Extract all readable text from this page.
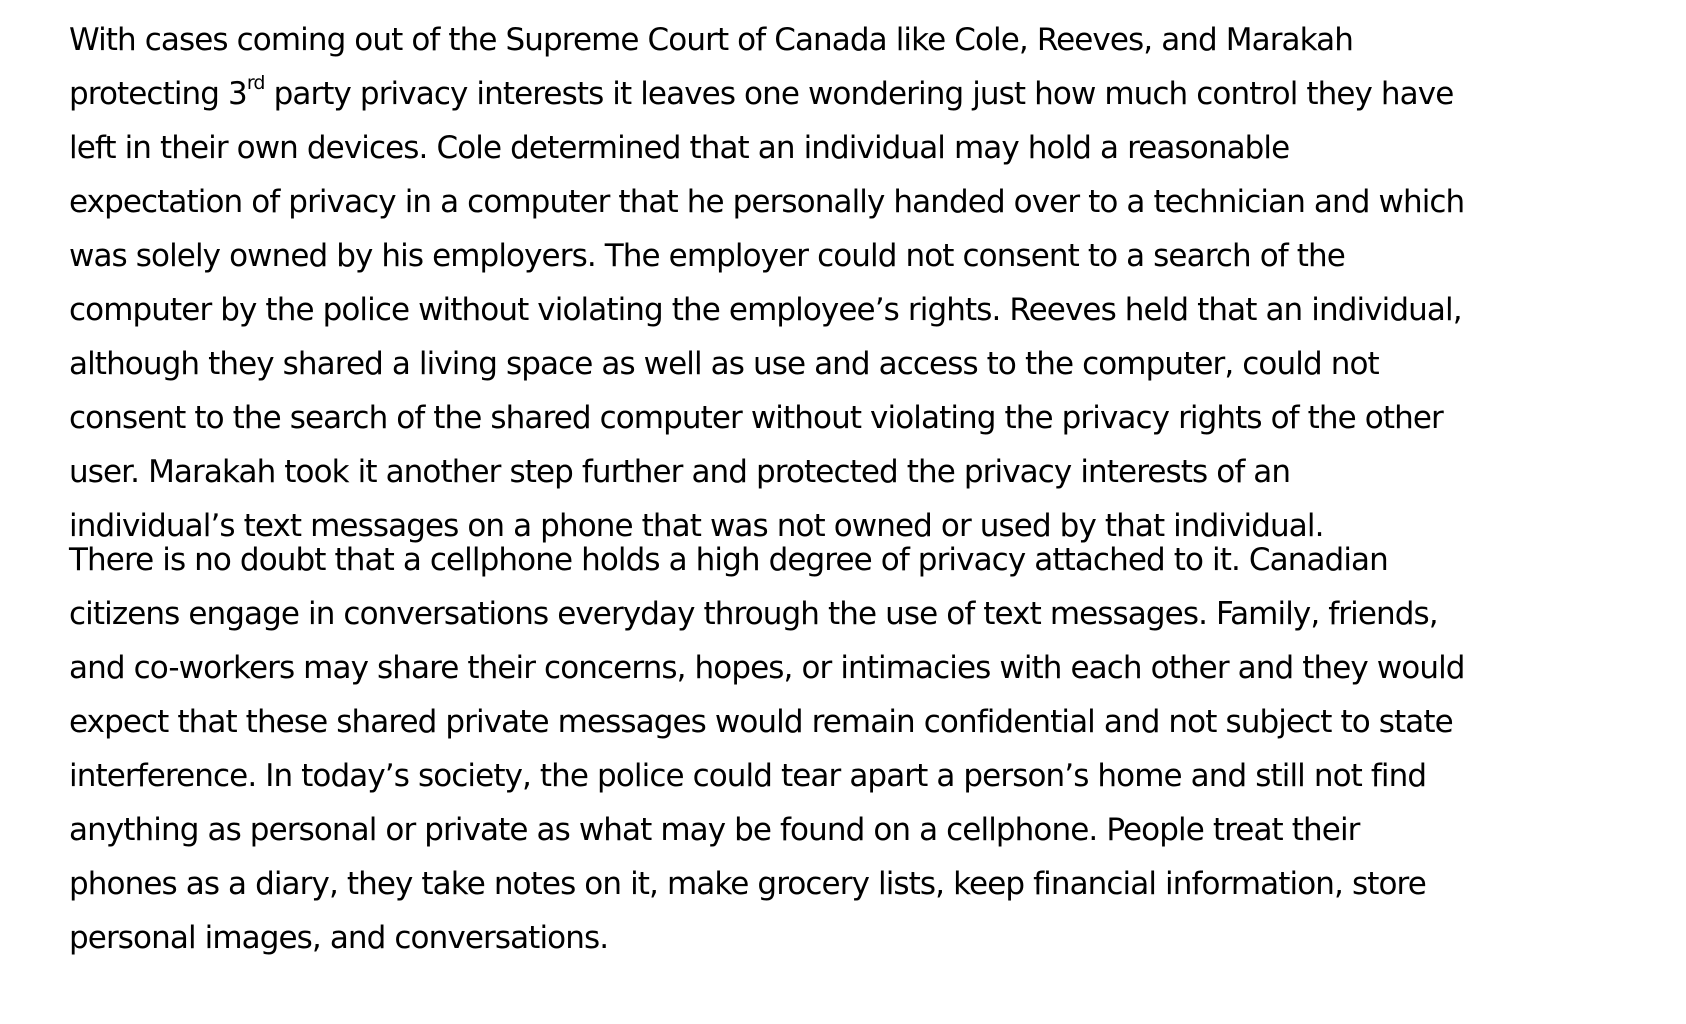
With cases coming out of the Supreme Court of Canada like Cole, Reeves, and Marakah
protecting 3rd party privacy interests it leaves one wondering just how much control they have
left in their own devices. Cole determined that an individual may hold a reasonable
expectation of privacy in a computer that he personally handed over to a technician and which
was solely owned by his employers. The employer could not consent to a search of the
computer by the police without violating the employee’s rights. Reeves held that an individual,
although they shared a living space as well as use and access to the computer, could not
consent to the search of the shared computer without violating the privacy rights of the other
user. Marakah took it another step further and protected the privacy interests of an
individual’s text messages on a phone that was not owned or used by that individual.
There is no doubt that a cellphone holds a high degree of privacy attached to it. Canadian
citizens engage in conversations everyday through the use of text messages. Family, friends,
and co-workers may share their concerns, hopes, or intimacies with each other and they would
expect that these shared private messages would remain confidential and not subject to state
interference. In today’s society, the police could tear apart a person’s home and still not find
anything as personal or private as what may be found on a cellphone. People treat their
phones as a diary, they take notes on it, make grocery lists, keep financial information, store
personal images, and conversations.
